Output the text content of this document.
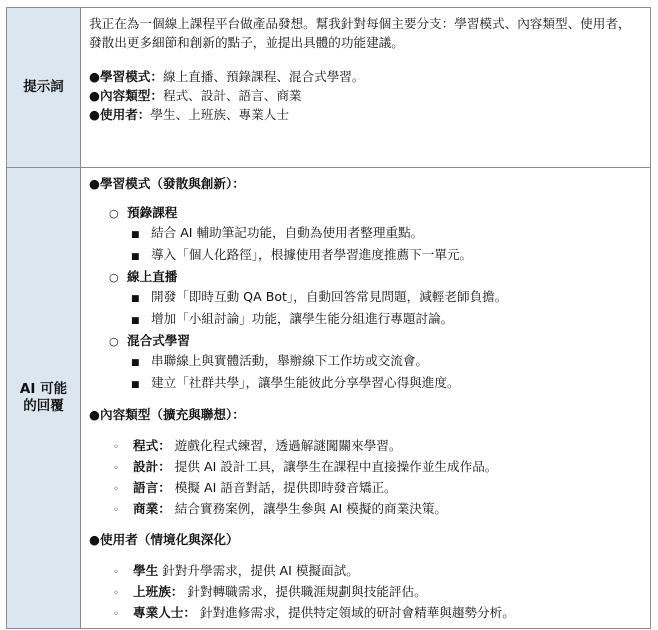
提示詞

我正在為一個線上課程平台做產品發想。幫我針對每個主要分支：學習模式、內容類型、使用者，發散出更多細節和創新的點子，並提出具體的功能建議。

●學習模式：線上直播、預錄課程、混合式學習。

●內容類型：程式、設計、語言、商業

●使用者：學生、上班族、專業人士

AI 可能
的回覆

●學習模式（發散與創新）：

○ 預錄課程

■ 結合 AI 輔助筆記功能，自動為使用者整理重點。

■ 導入「個人化路徑」，根據使用者學習進度推薦下一單元。

○ 線上直播

■ 開發「即時互動 QA Bot」，自動回答常見問題，減輕老師負擔。

■ 增加「小組討論」功能，讓學生能分組進行專題討論。

○ 混合式學習

■ 串聯線上與實體活動，舉辦線下工作坊或交流會。

■ 建立「社群共學」，讓學生能彼此分享學習心得與進度。

●內容類型（擴充與聯想）：

◦	程式： 遊戲化程式練習，透過解謎闖關來學習。

◦	設計： 提供 AI 設計工具，讓學生在課程中直接操作並生成作品。

◦	語言： 模擬 AI 語音對話，提供即時發音矯正。

◦	商業： 結合實務案例，讓學生參與 AI 模擬的商業決策。

●使用者（情境化與深化）

◦	學生 針對升學需求，提供 AI 模擬面試。

◦	上班族： 針對轉職需求，提供職涯規劃與技能評估。

◦	專業人士： 針對進修需求，提供特定領域的研討會精華與趨勢分析。
